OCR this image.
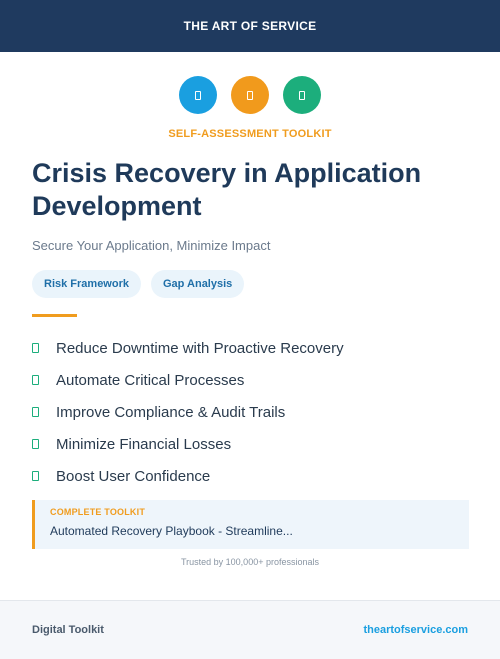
THE ART OF SERVICE
SELF-ASSESSMENT TOOLKIT
Crisis Recovery in Application Development
Secure Your Application, Minimize Impact
Risk Framework	Gap Analysis
Reduce Downtime with Proactive Recovery
Automate Critical Processes
Improve Compliance & Audit Trails
Minimize Financial Losses
Boost User Confidence
COMPLETE TOOLKIT
Automated Recovery Playbook - Streamline...
Trusted by 100,000+ professionals
Digital Toolkit	theartofservice.com
